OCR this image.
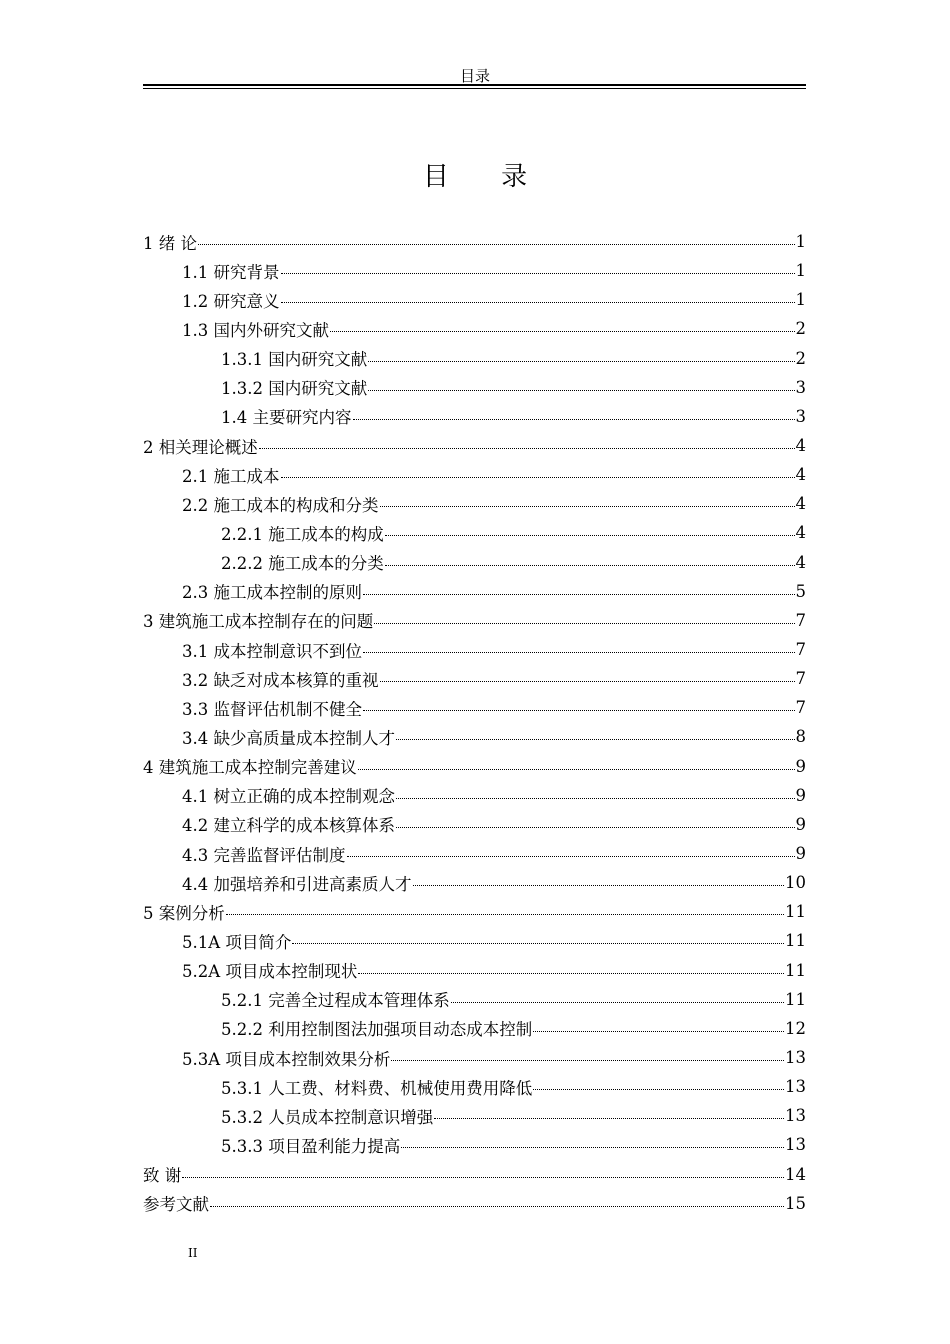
目录
目 录
1 绪 论	1
1.1 研究背景	1
1.2 研究意义	1
1.3 国内外研究文献	2
1.3.1 国内研究文献	2
1.3.2 国内研究文献	3
1.4 主要研究内容	3
2 相关理论概述	4
2.1 施工成本	4
2.2 施工成本的构成和分类	4
2.2.1 施工成本的构成	4
2.2.2 施工成本的分类	4
2.3 施工成本控制的原则	5
3 建筑施工成本控制存在的问题	7
3.1 成本控制意识不到位	7
3.2 缺乏对成本核算的重视	7
3.3 监督评估机制不健全	7
3.4 缺少高质量成本控制人才	8
4 建筑施工成本控制完善建议	9
4.1 树立正确的成本控制观念	9
4.2 建立科学的成本核算体系	9
4.3 完善监督评估制度	9
4.4 加强培养和引进高素质人才	10
5 案例分析	11
5.1A 项目简介	11
5.2A 项目成本控制现状	11
5.2.1 完善全过程成本管理体系	11
5.2.2 利用控制图法加强项目动态成本控制	12
5.3A 项目成本控制效果分析	13
5.3.1 人工费、材料费、机械使用费用降低	13
5.3.2 人员成本控制意识增强	13
5.3.3 项目盈利能力提高	13
致 谢	14
参考文献	15
II
